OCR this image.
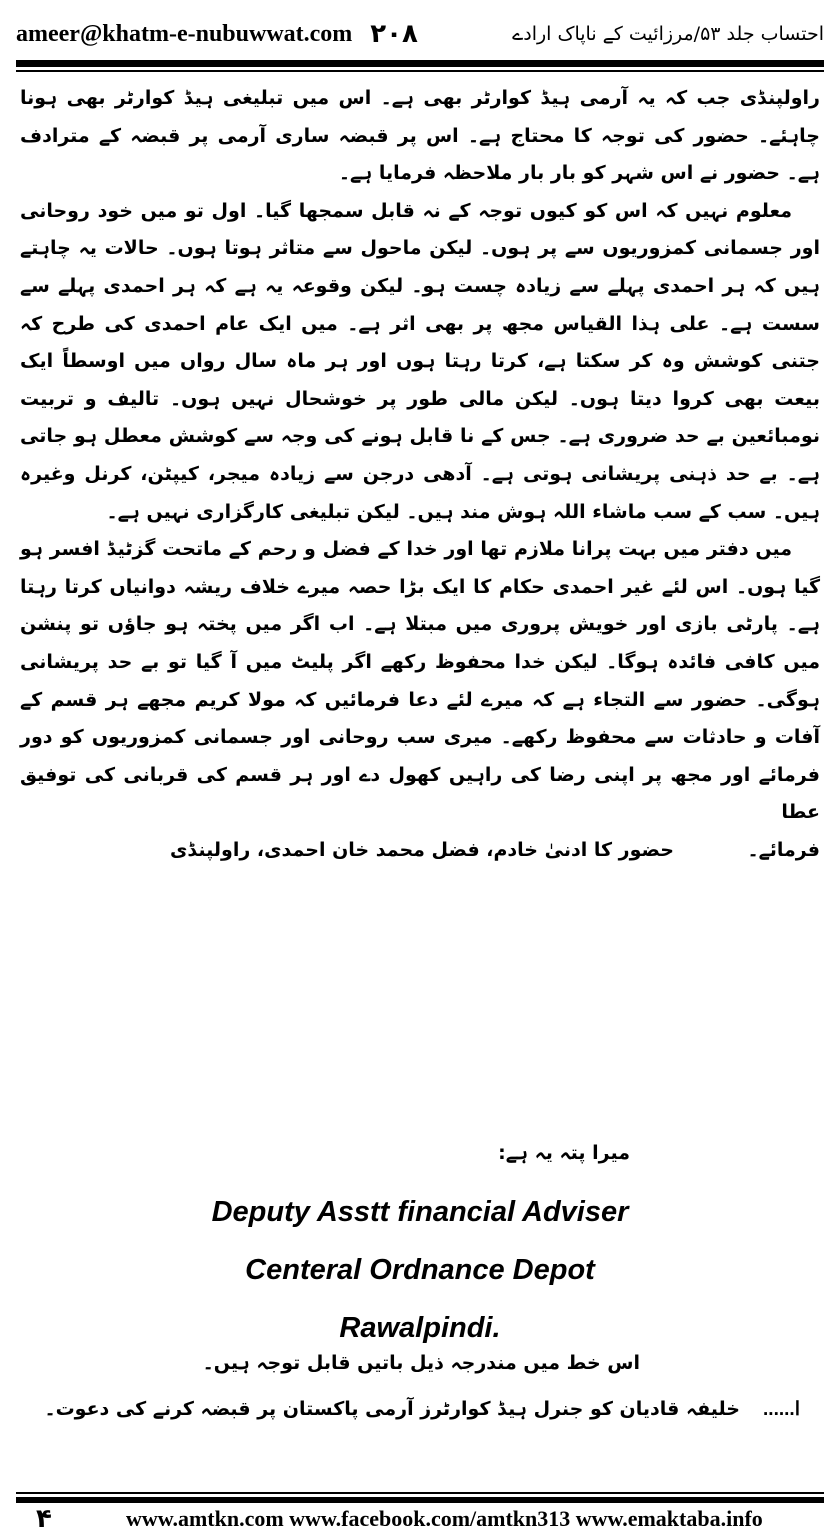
ameer@khatm-e-nubuwwat.com ۲۰۸	احتساب جلد ۵۳/مرزائیت کے ناپاک ارادے

راولپنڈی جب کہ یہ آرمی ہیڈ کوارٹر بھی ہے۔ اس میں تبلیغی ہیڈ کوارٹر بھی ہونا چاہئے۔ حضور کی توجہ کا محتاج ہے۔ اس پر قبضہ ساری آرمی پر قبضہ کے مترادف ہے۔ حضور نے اس شہر کو بار بار ملاحظہ فرمایا ہے۔

معلوم نہیں کہ اس کو کیوں توجہ کے نہ قابل سمجھا گیا۔ اول تو میں خود روحانی اور جسمانی کمزوریوں سے پر ہوں۔ لیکن ماحول سے متاثر ہوتا ہوں۔ حالات یہ چاہتے ہیں کہ ہر احمدی پہلے سے زیادہ چست ہو۔ لیکن وقوعہ یہ ہے کہ ہر احمدی پہلے سے سست ہے۔ علی ہذا القیاس مجھ پر بھی اثر ہے۔ میں ایک عام احمدی کی طرح کہ جتنی کوشش وہ کر سکتا ہے، کرتا رہتا ہوں اور ہر ماہ سال رواں میں اوسطاً ایک بیعت بھی کروا دیتا ہوں۔ لیکن مالی طور پر خوشحال نہیں ہوں۔ تالیف و تربیت نومبائعین بے حد ضروری ہے۔ جس کے نا قابل ہونے کی وجہ سے کوشش معطل ہو جاتی ہے۔ بے حد ذہنی پریشانی ہوتی ہے۔ آدھی درجن سے زیادہ میجر، کیپٹن، کرنل وغیرہ ہیں۔ سب کے سب ماشاء اللہ ہوش مند ہیں۔ لیکن تبلیغی کارگزاری نہیں ہے۔

میں دفتر میں بہت پرانا ملازم تھا اور خدا کے فضل و رحم کے ماتحت گزٹیڈ افسر ہو گیا ہوں۔ اس لئے غیر احمدی حکام کا ایک بڑا حصہ میرے خلاف ریشہ دوانیاں کرتا رہتا ہے۔ پارٹی بازی اور خویش پروری میں مبتلا ہے۔ اب اگر میں پختہ ہو جاؤں تو پنشن میں کافی فائدہ ہوگا۔ لیکن خدا محفوظ رکھے اگر پلیٹ میں آ گیا تو بے حد پریشانی ہوگی۔ حضور سے التجاء ہے کہ میرے لئے دعا فرمائیں کہ مولا کریم مجھے ہر قسم کے آفات و حادثات سے محفوظ رکھے۔ میری سب روحانی اور جسمانی کمزوریوں کو دور فرمائے اور مجھ پر اپنی رضا کی راہیں کھول دے اور ہر قسم کی قربانی کی توفیق عطا

فرمائے۔
حضور کا ادنیٰ خادم، فضل محمد خان احمدی، راولپنڈی
میرا پتہ یہ ہے:
Deputy Asstt financial Adviser
Centeral Ordnance Depot
Rawalpindi.
اس خط میں مندرجہ ذیل باتیں قابل توجہ ہیں۔
خلیفہ قادیان کو جنرل ہیڈ کوارٹرز آرمی پاکستان پر قبضہ کرنے کی دعوت۔ ......ا
۴	www.amtkn.com www.facebook.com/amtkn313 www.emaktaba.info
